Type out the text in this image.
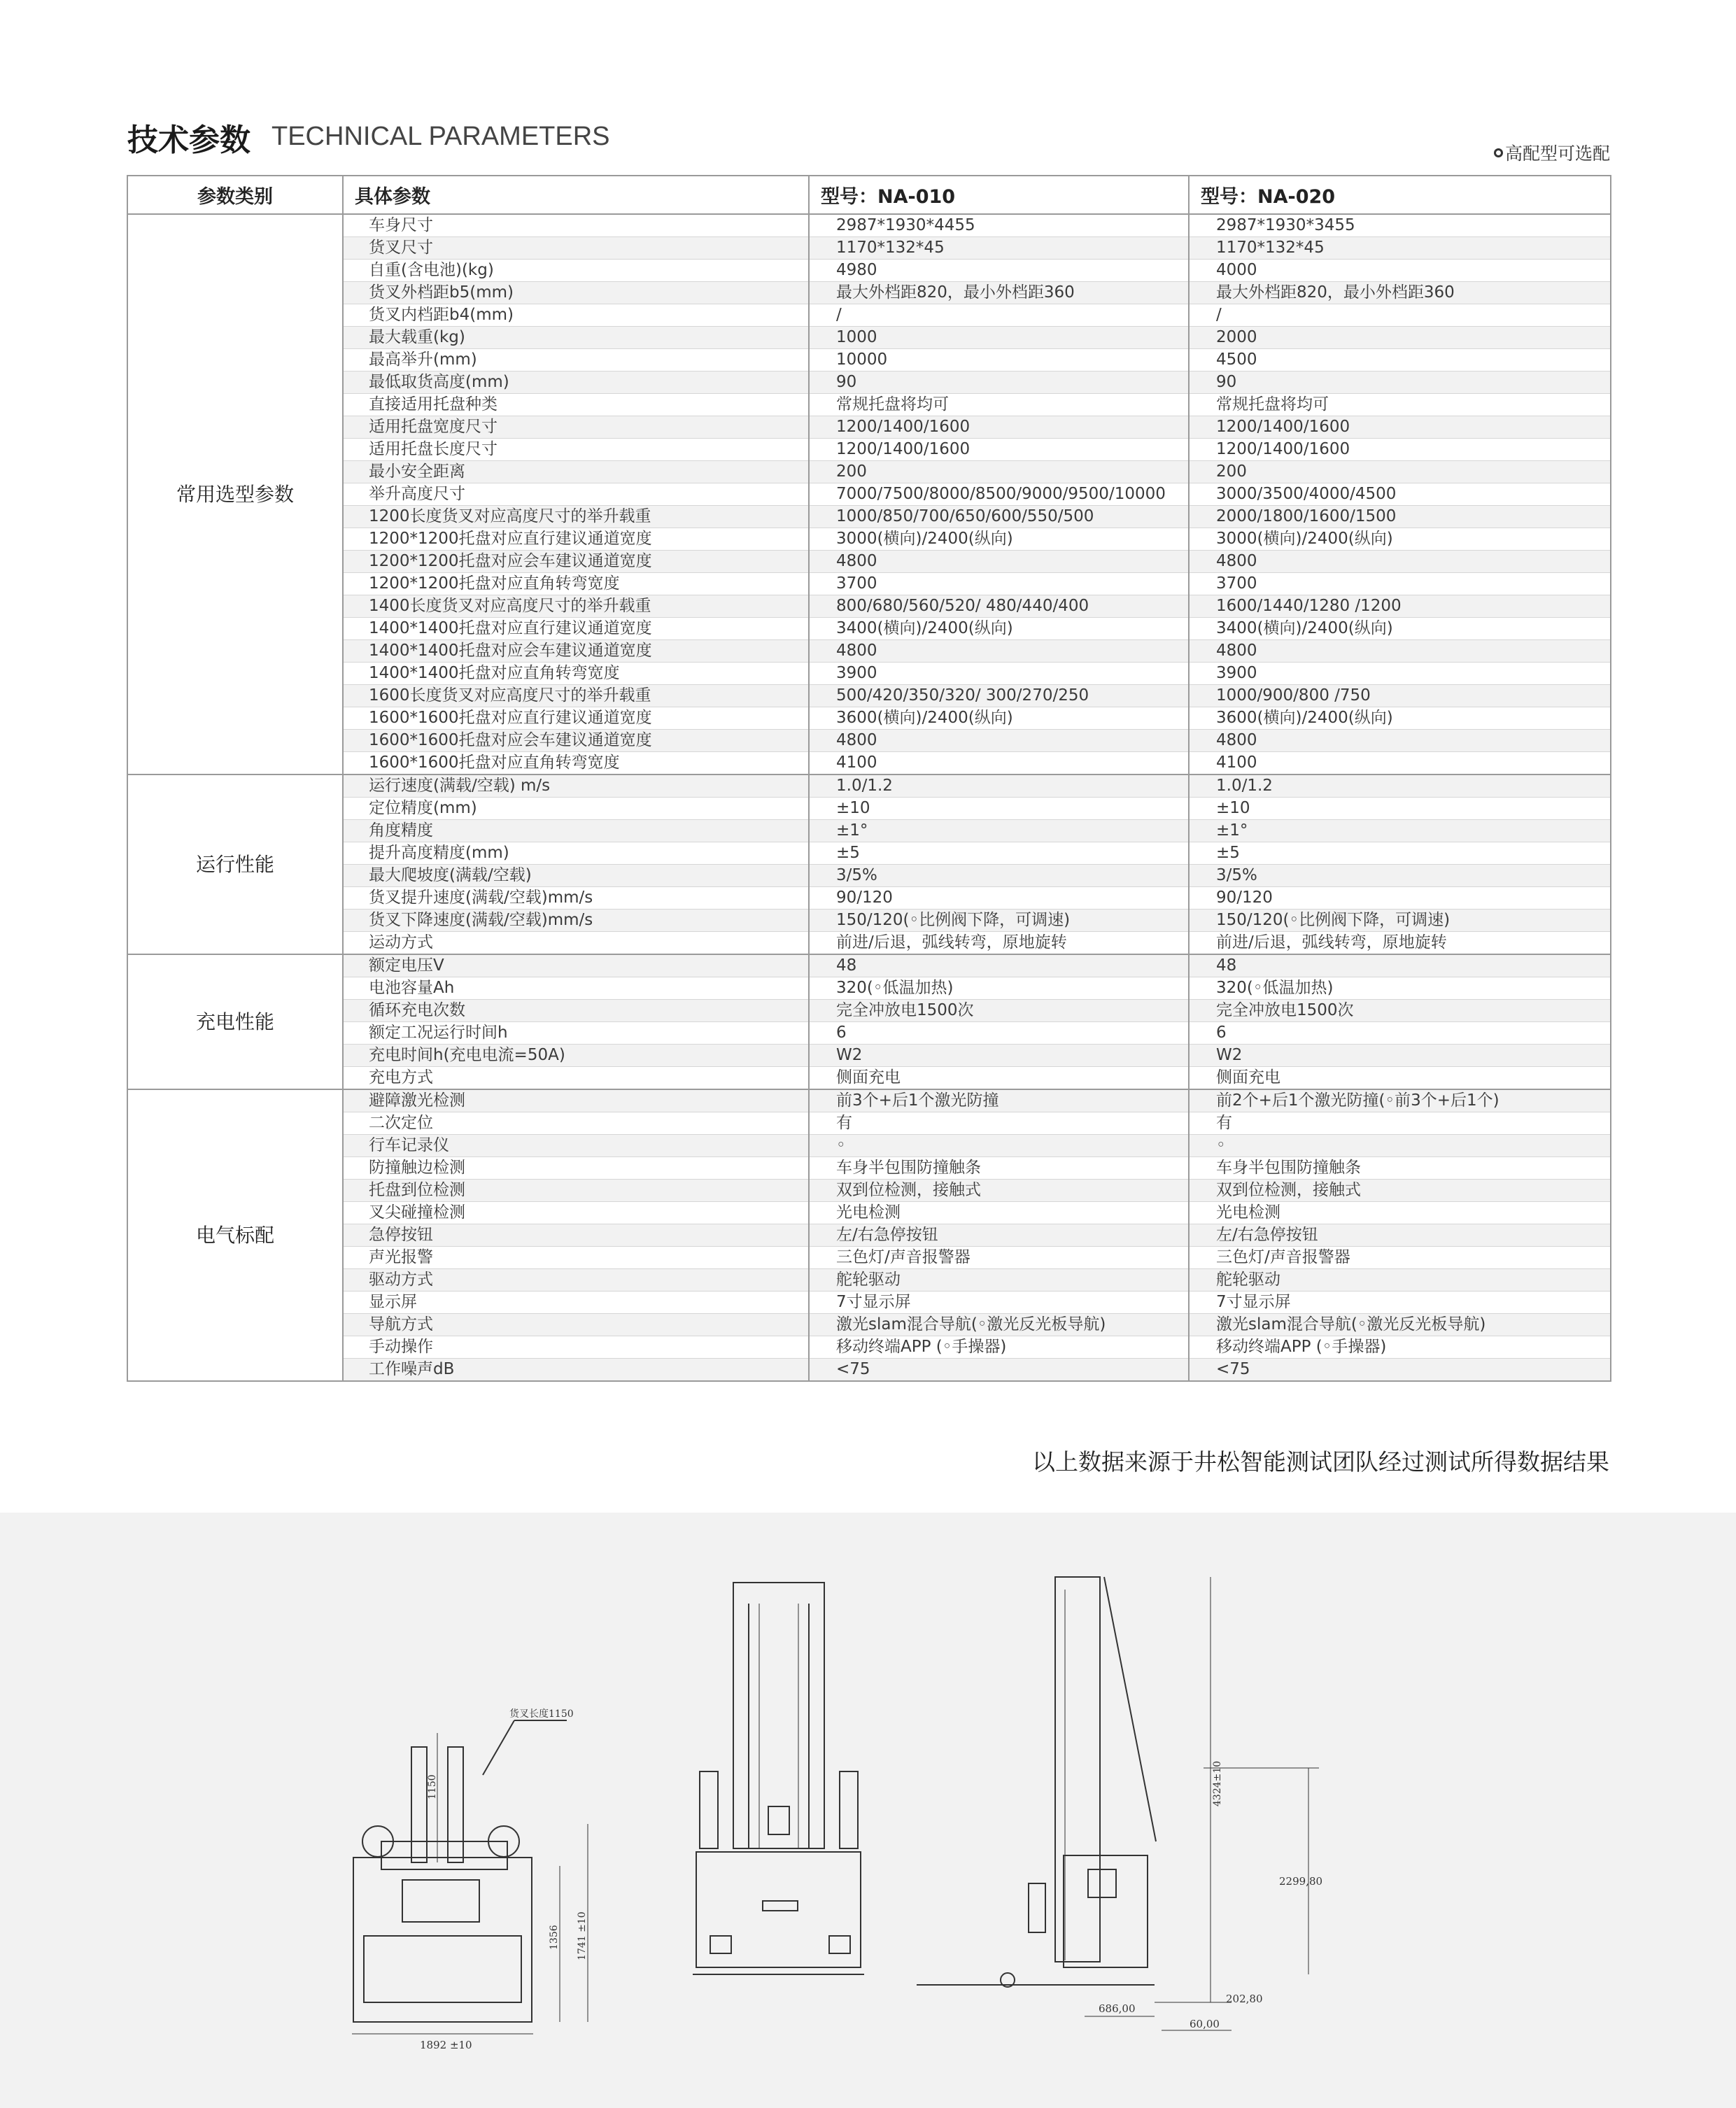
技术参数 TECHNICAL PARAMETERS
高配型可选配
参数类别	具体参数	型号：NA-010	型号：NA-020
常用选型参数	车身尺寸	2987*1930*4455	2987*1930*3455
	货叉尺寸	1170*132*45	1170*132*45
	自重(含电池)(kg)	4980	4000
	货叉外档距b5(mm)	最大外档距820，最小外档距360	最大外档距820，最小外档距360
	货叉内档距b4(mm)	/	/
	最大载重(kg)	1000	2000
	最高举升(mm)	10000	4500
	最低取货高度(mm)	90	90
	直接适用托盘种类	常规托盘将均可	常规托盘将均可
	适用托盘宽度尺寸	1200/1400/1600	1200/1400/1600
	适用托盘长度尺寸	1200/1400/1600	1200/1400/1600
	最小安全距离	200	200
	举升高度尺寸	7000/7500/8000/8500/9000/9500/10000	3000/3500/4000/4500
	1200长度货叉对应高度尺寸的举升载重	1000/850/700/650/600/550/500	2000/1800/1600/1500
	1200*1200托盘对应直行建议通道宽度	3000(横向)/2400(纵向)	3000(横向)/2400(纵向)
	1200*1200托盘对应会车建议通道宽度	4800	4800
	1200*1200托盘对应直角转弯宽度	3700	3700
	1400长度货叉对应高度尺寸的举升载重	800/680/560/520/ 480/440/400	1600/1440/1280 /1200
	1400*1400托盘对应直行建议通道宽度	3400(横向)/2400(纵向)	3400(横向)/2400(纵向)
	1400*1400托盘对应会车建议通道宽度	4800	4800
	1400*1400托盘对应直角转弯宽度	3900	3900
	1600长度货叉对应高度尺寸的举升载重	500/420/350/320/ 300/270/250	1000/900/800 /750
	1600*1600托盘对应直行建议通道宽度	3600(横向)/2400(纵向)	3600(横向)/2400(纵向)
	1600*1600托盘对应会车建议通道宽度	4800	4800
	1600*1600托盘对应直角转弯宽度	4100	4100
运行性能	运行速度(满载/空载) m/s	1.0/1.2	1.0/1.2
	定位精度(mm)	±10	±10
	角度精度	±1°	±1°
	提升高度精度(mm)	±5	±5
	最大爬坡度(满载/空载)	3/5%	3/5%
	货叉提升速度(满载/空载)mm/s	90/120	90/120
	货叉下降速度(满载/空载)mm/s	150/120(◦比例阀下降，可调速)	150/120(◦比例阀下降，可调速)
	运动方式	前进/后退，弧线转弯，原地旋转	前进/后退，弧线转弯，原地旋转
充电性能	额定电压V	48	48
	电池容量Ah	320(◦低温加热)	320(◦低温加热)
	循环充电次数	完全冲放电1500次	完全冲放电1500次
	额定工况运行时间h	6	6
	充电时间h(充电电流=50A)	W2	W2
	充电方式	侧面充电	侧面充电
电气标配	避障激光检测	前3个+后1个激光防撞	前2个+后1个激光防撞(◦前3个+后1个)
	二次定位	有	有
	行车记录仪	◦	◦
	防撞触边检测	车身半包围防撞触条	车身半包围防撞触条
	托盘到位检测	双到位检测，接触式	双到位检测，接触式
	叉尖碰撞检测	光电检测	光电检测
	急停按钮	左/右急停按钮	左/右急停按钮
	声光报警	三色灯/声音报警器	三色灯/声音报警器
	驱动方式	舵轮驱动	舵轮驱动
	显示屏	7寸显示屏	7寸显示屏
	导航方式	激光slam混合导航(◦激光反光板导航)	激光slam混合导航(◦激光反光板导航)
	手动操作	移动终端APP (◦手操器)	移动终端APP (◦手操器)
	工作噪声dB	<75	<75
以上数据来源于井松智能测试团队经过测试所得数据结果
货叉长度1150
1150
1356 1741 ±10
1892 ±10
4324±10
2299,80
686,00
202,80
60,00
